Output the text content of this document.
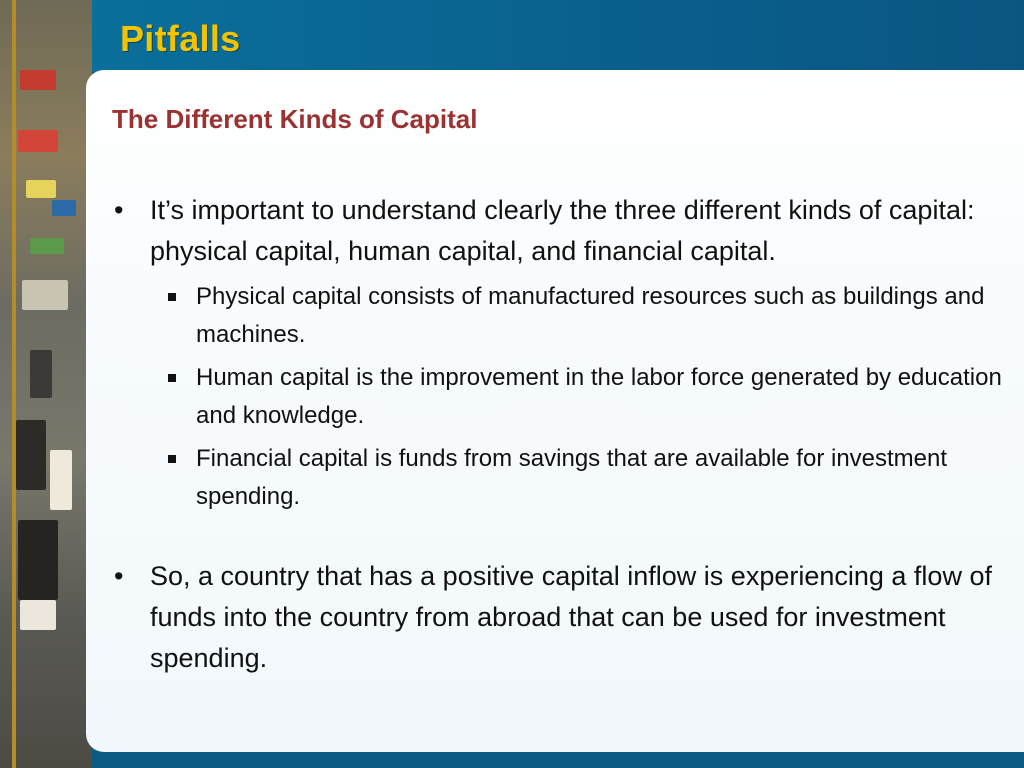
Pitfalls
The Different Kinds of Capital
• It’s important to understand clearly the three different kinds of capital: physical capital, human capital, and financial capital.
Physical capital consists of manufactured resources such as buildings and machines.
Human capital is the improvement in the labor force generated by education and knowledge.
Financial capital is funds from savings that are available for investment spending.
• So, a country that has a positive capital inflow is experiencing a flow of funds into the country from abroad that can be used for investment spending.
